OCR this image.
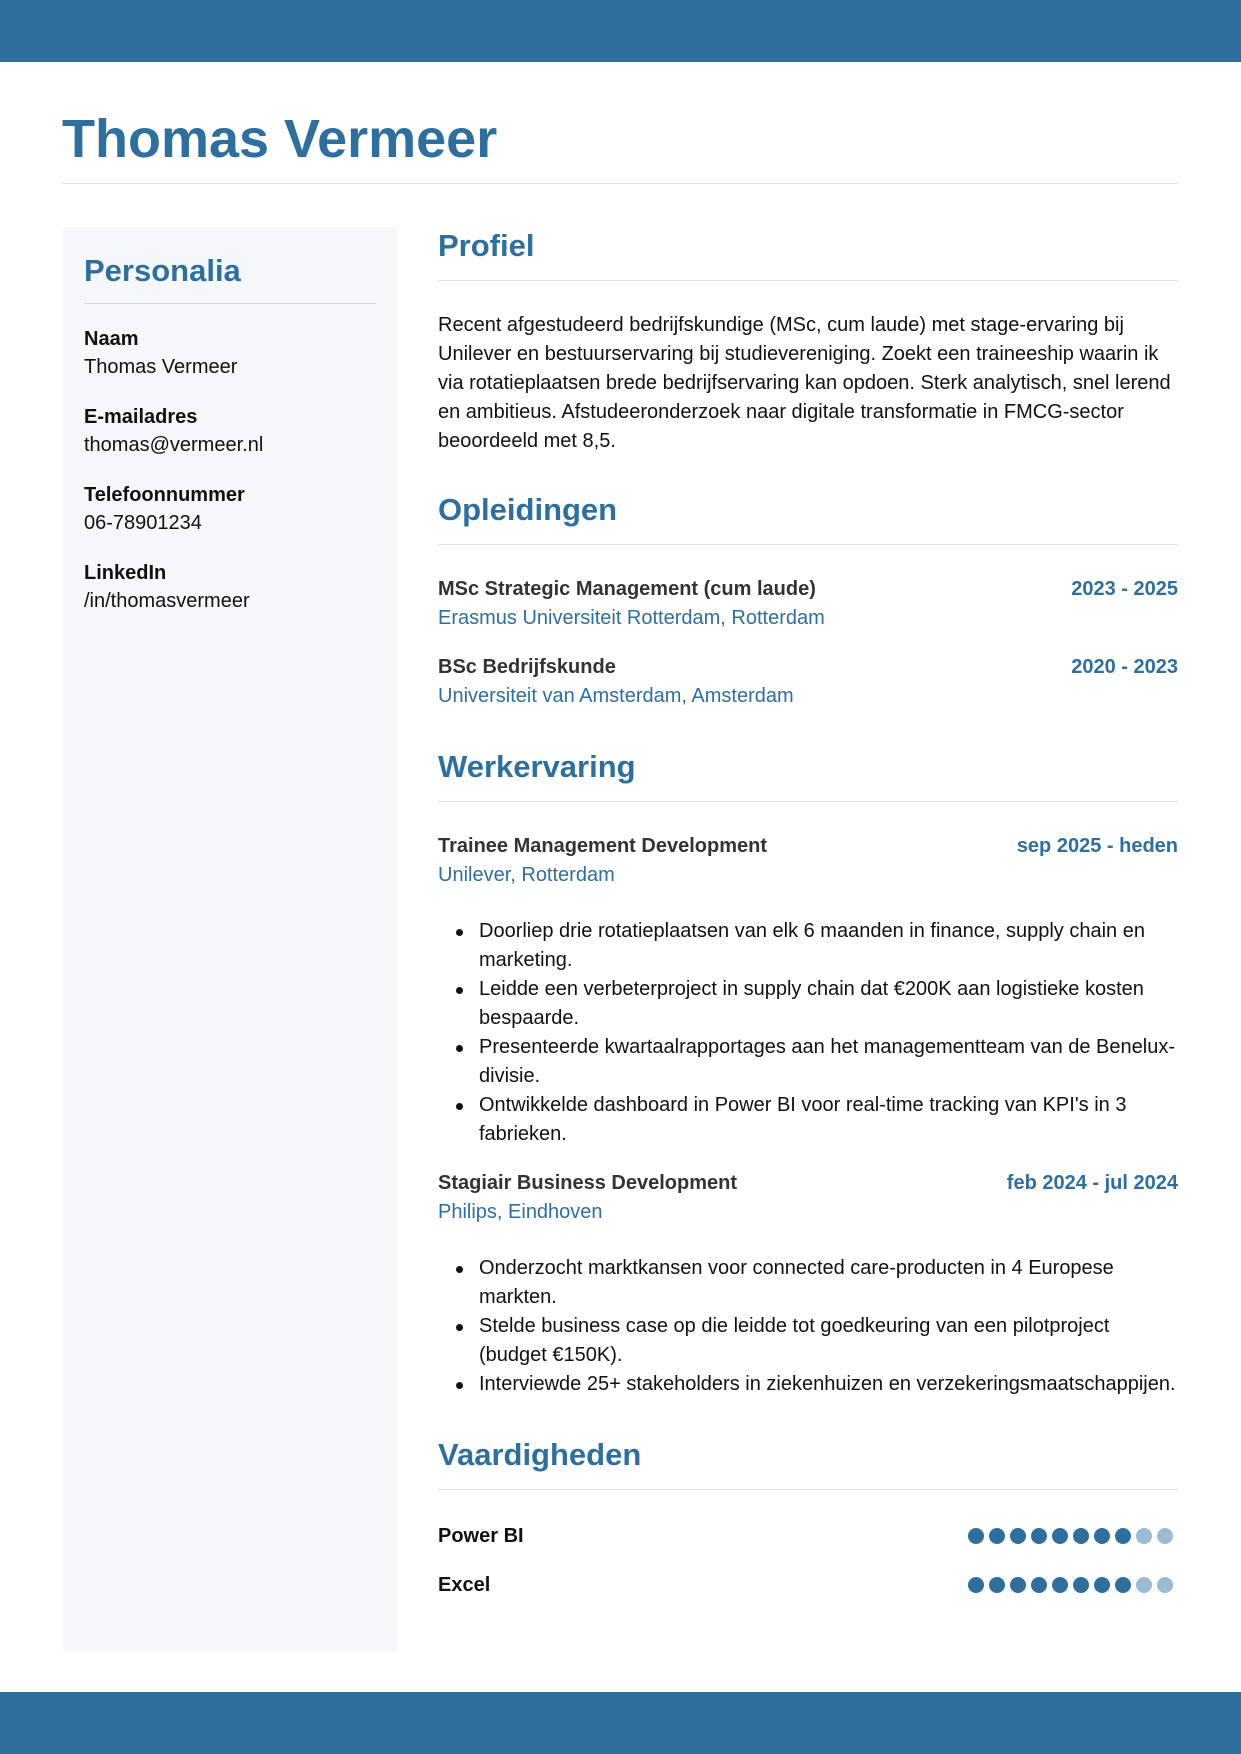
Thomas Vermeer
Personalia
Naam
Thomas Vermeer
E-mailadres
thomas@vermeer.nl
Telefoonnummer
06-78901234
LinkedIn
/in/thomasvermeer
Profiel

Recent afgestudeerd bedrijfskundige (MSc, cum laude) met stage-ervaring bij Unilever en bestuurservaring bij studievereniging. Zoekt een traineeship waarin ik via rotatieplaatsen brede bedrijfservaring kan opdoen. Sterk analytisch, snel lerend en ambitieus. Afstudeeronderzoek naar digitale transformatie in FMCG-sector beoordeeld met 8,5.

Opleidingen
MSc Strategic Management (cum laude)	2023 - 2025
Erasmus Universiteit Rotterdam, Rotterdam
BSc Bedrijfskunde	2020 - 2023
Universiteit van Amsterdam, Amsterdam
Werkervaring
Trainee Management Development	sep 2025 - heden
Unilever, Rotterdam
Doorliep drie rotatieplaatsen van elk 6 maanden in finance, supply chain en marketing.
Leidde een verbeterproject in supply chain dat €200K aan logistieke kosten bespaarde.
Presenteerde kwartaalrapportages aan het managementteam van de Benelux-divisie.
Ontwikkelde dashboard in Power BI voor real-time tracking van KPI's in 3 fabrieken.
Stagiair Business Development	feb 2024 - jul 2024
Philips, Eindhoven
Onderzocht marktkansen voor connected care-producten in 4 Europese markten.
Stelde business case op die leidde tot goedkeuring van een pilotproject (budget €150K).
Interviewde 25+ stakeholders in ziekenhuizen en verzekeringsmaatschappijen.
Vaardigheden
Power BI
Excel
